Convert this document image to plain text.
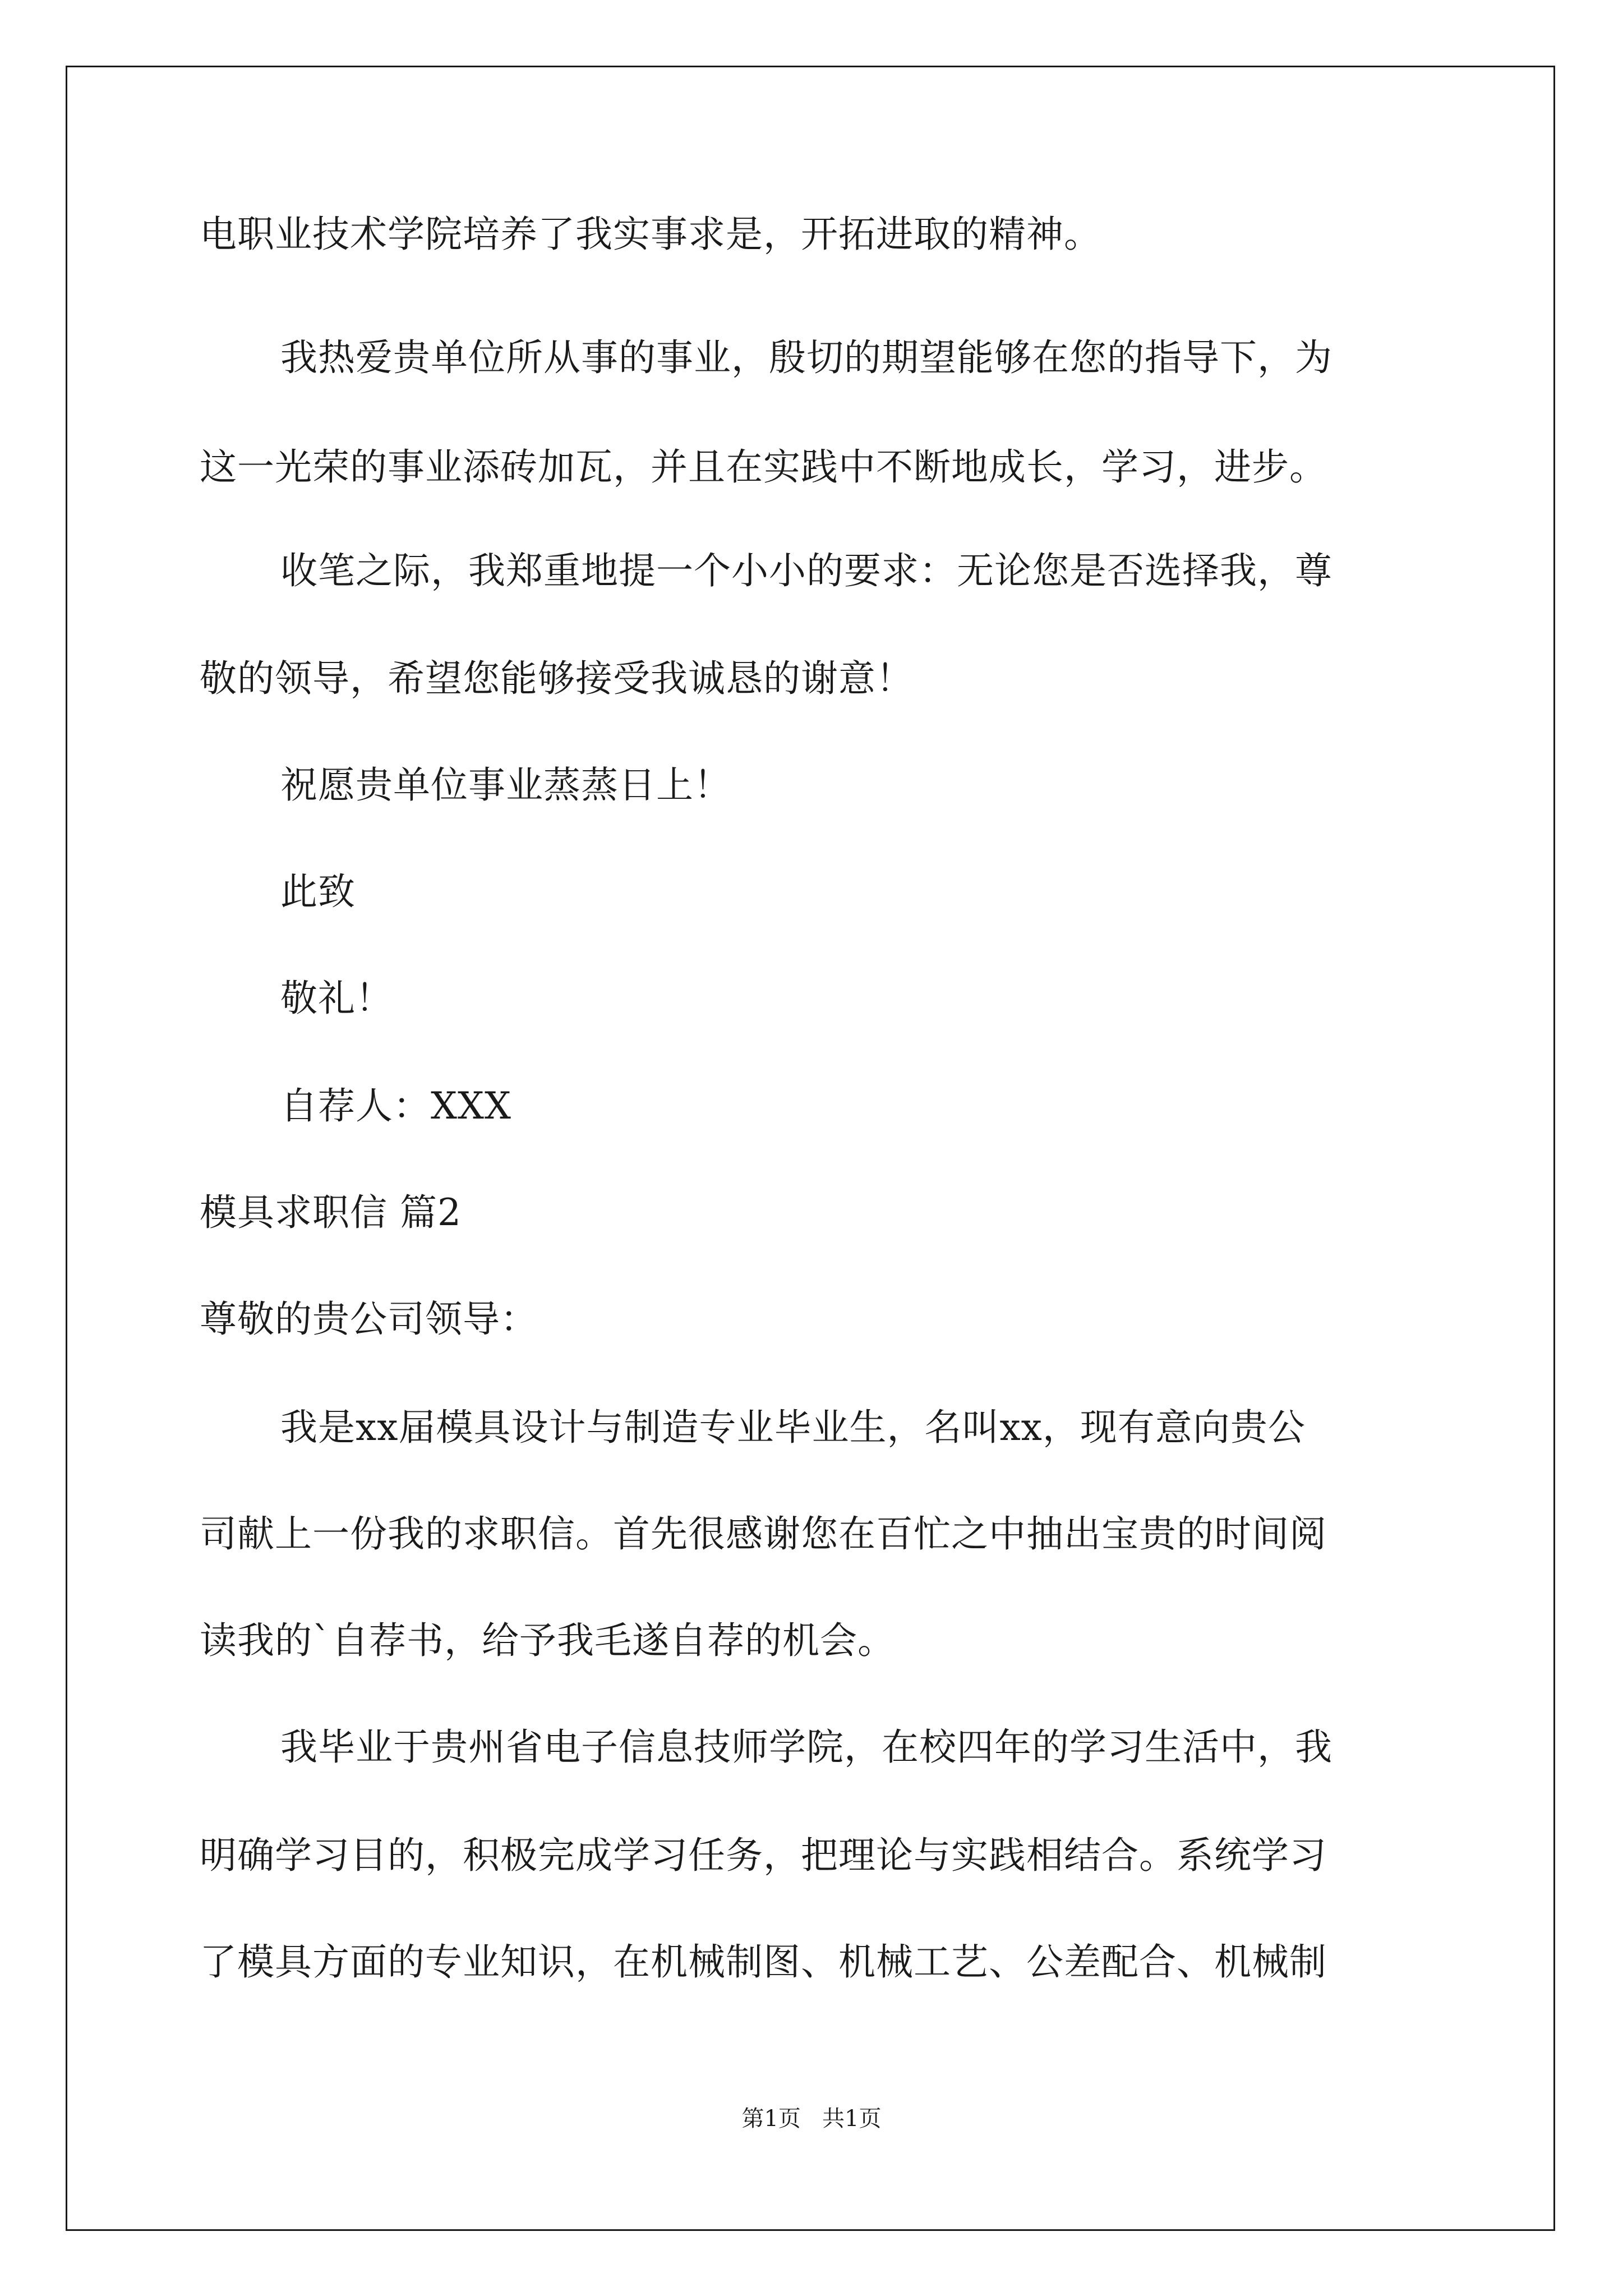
电职业技术学院培养了我实事求是，开拓进取的精神。
我热爱贵单位所从事的事业，殷切的期望能够在您的指导下，为
这一光荣的事业添砖加瓦，并且在实践中不断地成长，学习，进步。
收笔之际，我郑重地提一个小小的要求：无论您是否选择我，尊
敬的领导，希望您能够接受我诚恳的谢意！
祝愿贵单位事业蒸蒸日上！
此致
敬礼！
自荐人：XXX
模具求职信 篇2
尊敬的贵公司领导：
我是xx届模具设计与制造专业毕业生，名叫xx，现有意向贵公
司献上一份我的求职信。首先很感谢您在百忙之中抽出宝贵的时间阅
读我的`自荐书，给予我毛遂自荐的机会。
我毕业于贵州省电子信息技师学院，在校四年的学习生活中，我
明确学习目的，积极完成学习任务，把理论与实践相结合。系统学习
了模具方面的专业知识，在机械制图、机械工艺、公差配合、机械制
第1页   共1页
